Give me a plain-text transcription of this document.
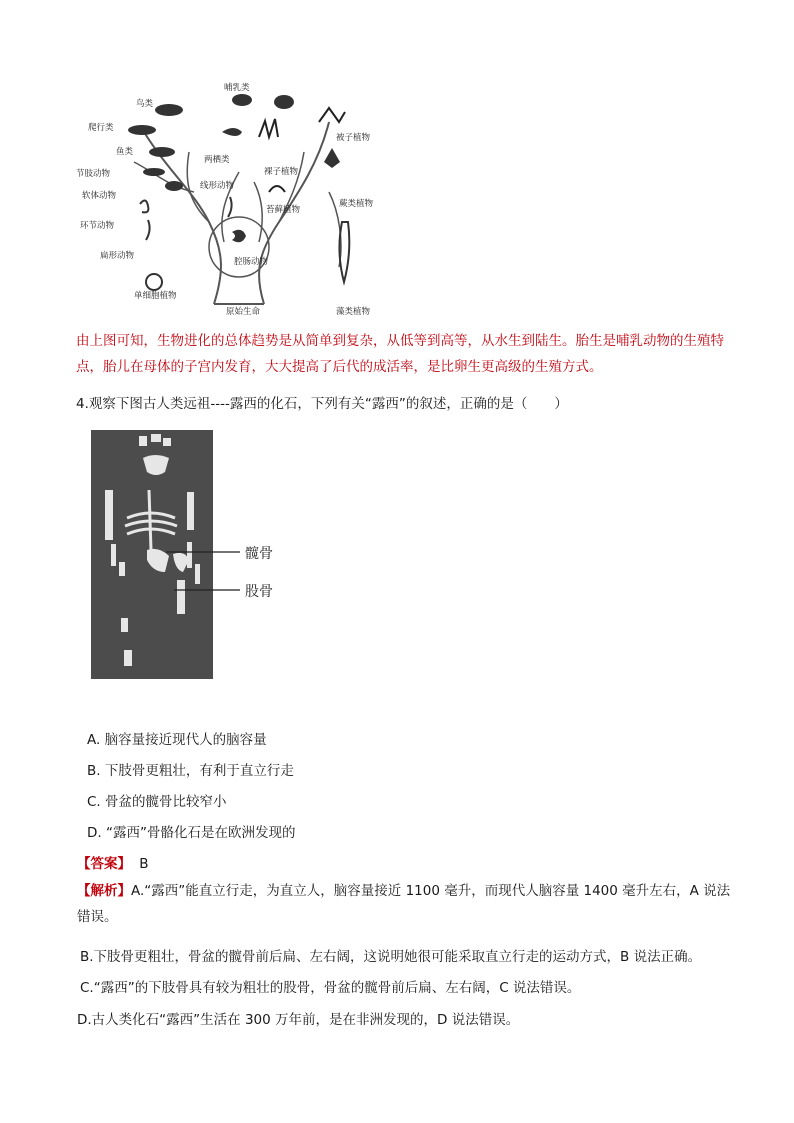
哺乳类
鸟类
爬行类
鱼类
节肢动物
软体动物
环节动物
扁形动物
单细胞植物
两栖类
线形动物
腔肠动物
裸子植物
苔藓植物
被子植物
蕨类植物
藻类植物
原始生命
由上图可知，生物进化的总体趋势是从简单到复杂，从低等到高等，从水生到陆生。胎生是哺乳动物的生殖特点，胎儿在母体的子宫内发育，大大提高了后代的成活率，是比卵生更高级的生殖方式。
4.观察下图古人类远祖----露西的化石，下列有关“露西”的叙述，正确的是（　　）
髋骨
股骨
A. 脑容量接近现代人的脑容量
B. 下肢骨更粗壮，有利于直立行走
C. 骨盆的髋骨比较窄小
D. “露西”骨骼化石是在欧洲发现的
【答案】 B
【解析】A.“露西”能直立行走，为直立人，脑容量接近 1100 毫升，而现代人脑容量 1400 毫升左右，A 说法错误。
B.下肢骨更粗壮，骨盆的髋骨前后扁、左右阔，这说明她很可能采取直立行走的运动方式，B 说法正确。
C.“露西”的下肢骨具有较为粗壮的股骨，骨盆的髋骨前后扁、左右阔，C 说法错误。
D.古人类化石“露西”生活在 300 万年前，是在非洲发现的，D 说法错误。
